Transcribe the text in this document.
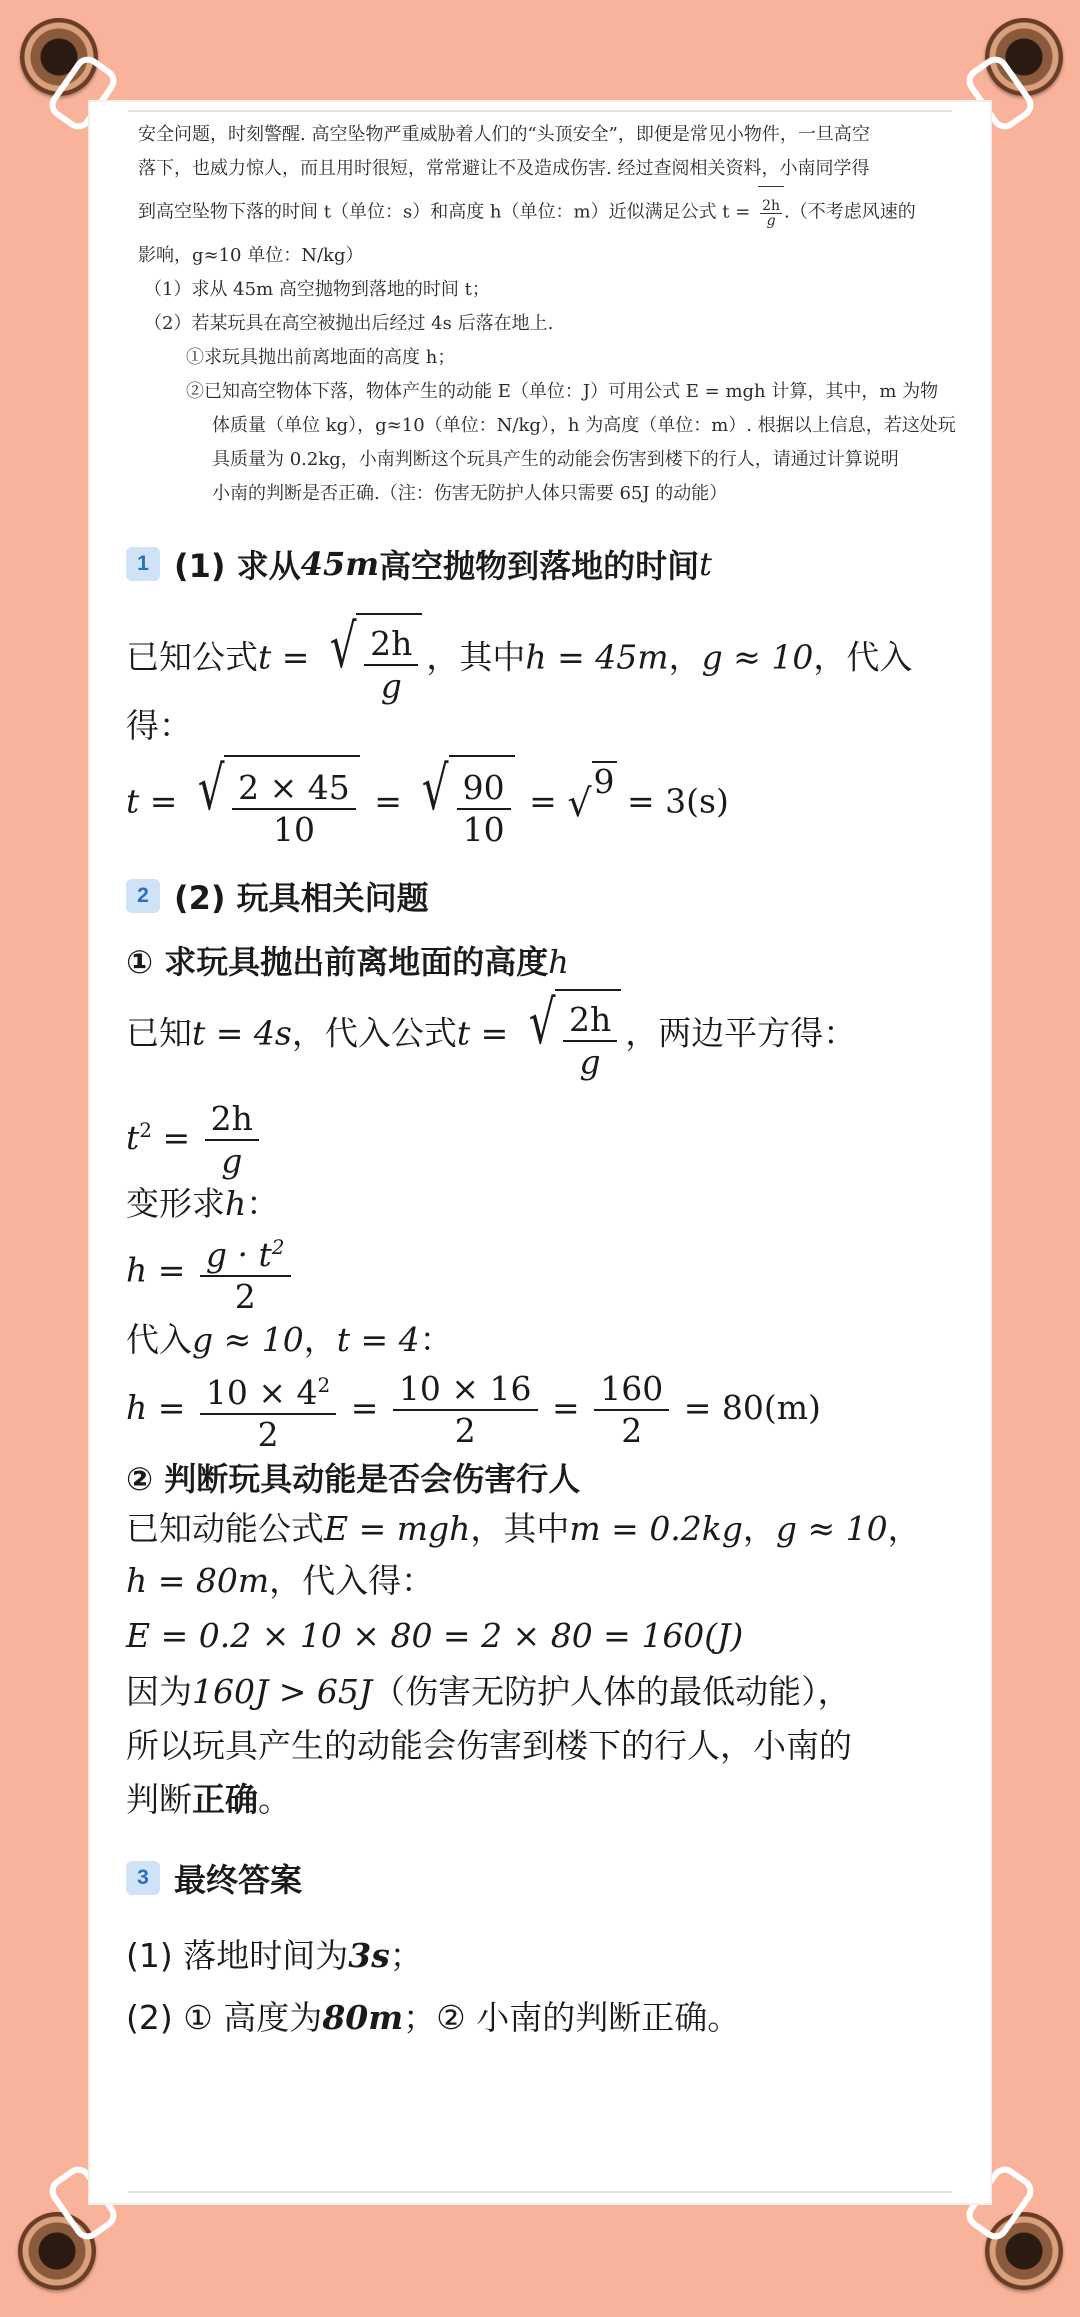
安全问题，时刻警醒. 高空坠物严重威胁着人们的“头顶安全”，即便是常见小物件，一旦高空

落下，也威力惊人，而且用时很短，常常避让不及造成伤害. 经过查阅相关资料，小南同学得

到高空坠物下落的时间 t（单位：s）和高度 h（单位：m）近似满足公式 $t = \frac{2h}{g}$ .（不考虑风速的

影响，g≈10 单位：N/kg）

（1）求从 45m 高空抛物到落地的时间 t；

（2）若某玩具在高空被抛出后经过 4s 后落在地上.

①求玩具抛出前离地面的高度 h；

②已知高空物体下落，物体产生的动能 E（单位：J）可用公式 E = mgh 计算，其中，m 为物

体质量（单位 kg），g≈10（单位：N/kg），h 为高度（单位：m）. 根据以上信息，若这处玩

具质量为 0.2kg，小南判断这个玩具产生的动能会伤害到楼下的行人，请通过计算说明

小南的判断是否正确.（注：伤害无防护人体只需要 65J 的动能）

1 (1) 求从 45m 高空抛物到落地的时间 t

已知公式t = √ $\frac{2h}{g}$ ，其中h = 45m，g ≈ 10，代入

得：

t = √ $\frac{2 \times 45}{10}$ = √ $\frac{90}{10}$ = √ 9 = 3(s)

2 (2) 玩具相关问题

① 求玩具抛出前离地面的高度h

已知t = 4s，代入公式t = √ $\frac{2h}{g}$ ，两边平方得：

$t^2 = \frac{2h}{g}$

变形求h：

$h = \frac{g \cdot t^2}{2}$

代入g ≈ 10，t = 4：

$h = \frac{10 \times 4^2}{2} = \frac{10 \times 16}{2} = \frac{160}{2} = 80(m)$

② 判断玩具动能是否会伤害行人

已知动能公式E = mgh，其中m = 0.2kg，g ≈ 10，

h = 80m，代入得：

E = 0.2 × 10 × 80 = 2 × 80 = 160(J)

因为160J > 65J（伤害无防护人体的最低动能），

所以玩具产生的动能会伤害到楼下的行人，小南的

判断正确。

3 最终答案

(1) 落地时间为3s；

(2) ① 高度为80m；② 小南的判断正确。
